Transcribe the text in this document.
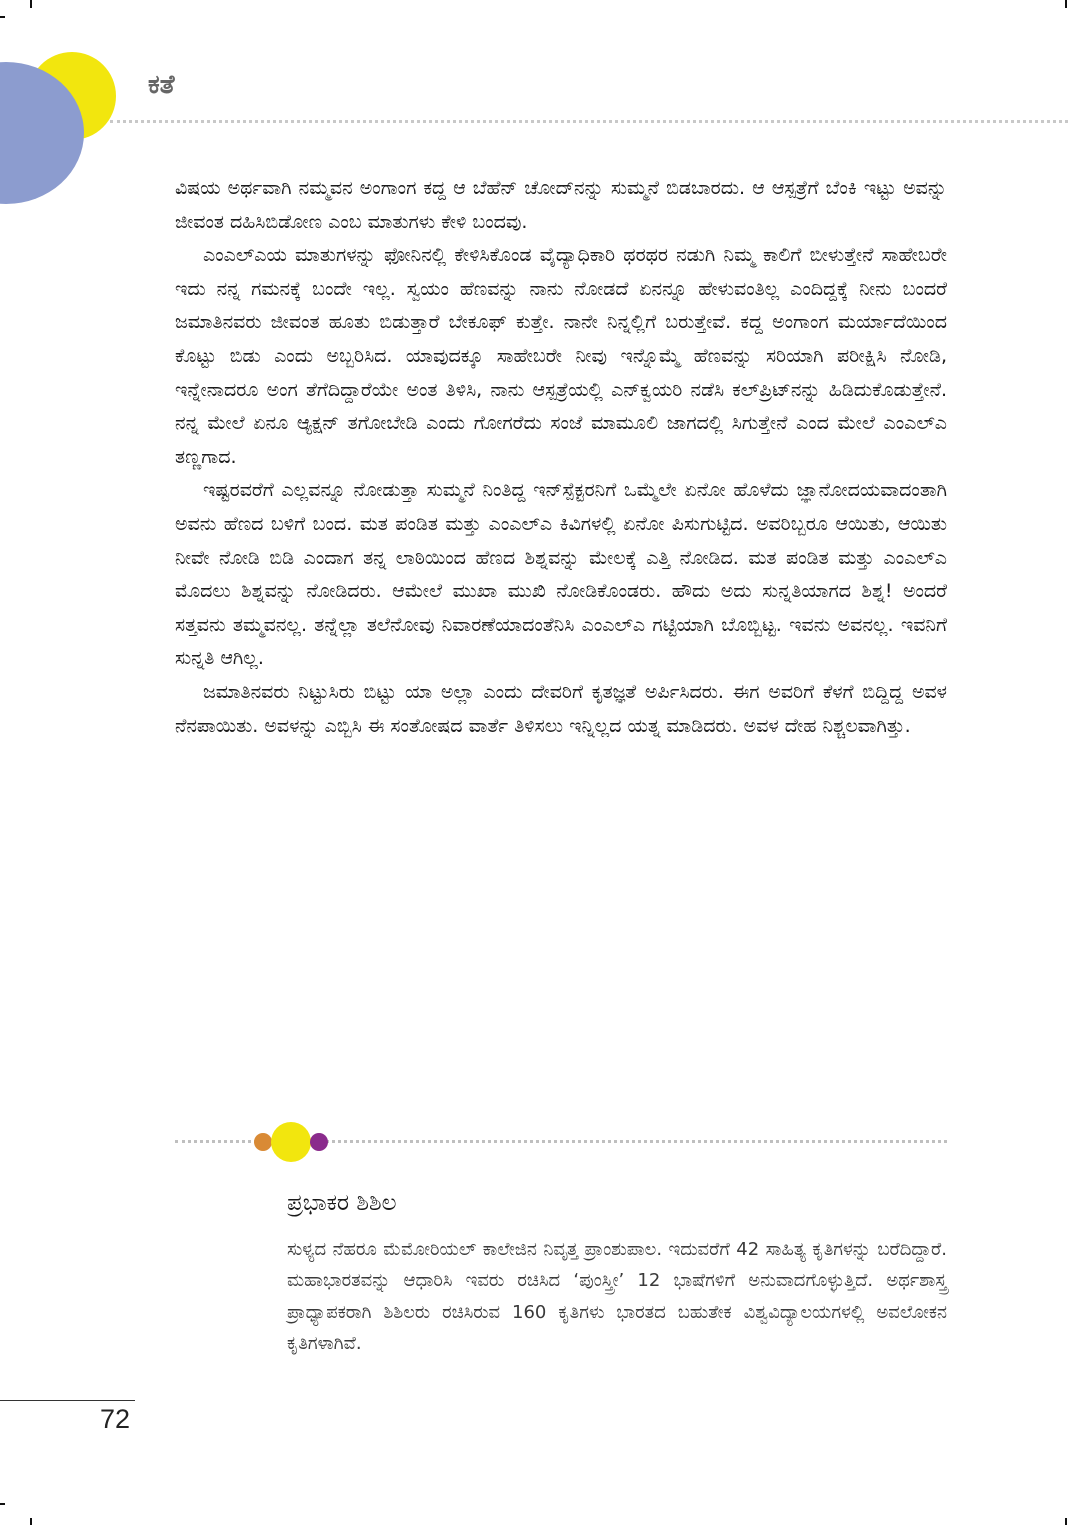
ಕತೆ

ವಿಷಯ ಅರ್ಥವಾಗಿ ನಮ್ಮವನ ಅಂಗಾಂಗ ಕದ್ದ ಆ ಬೆಹೆನ್ ಚೋದ್‌ನನ್ನು ಸುಮ್ಮನೆ ಬಿಡಬಾರದು. ಆ ಆಸ್ಪತ್ರೆಗೆ ಬೆಂಕಿ ಇಟ್ಟು ಅವನ್ನು ಜೀವಂತ ದಹಿಸಿಬಿಡೋಣ ಎಂಬ ಮಾತುಗಳು ಕೇಳಿ ಬಂದವು.

ಎಂಎಲ್‌ಎಯ ಮಾತುಗಳನ್ನು ಫೋನಿನಲ್ಲಿ ಕೇಳಿಸಿಕೊಂಡ ವೈದ್ಯಾಧಿಕಾರಿ ಥರಥರ ನಡುಗಿ ನಿಮ್ಮ ಕಾಲಿಗೆ ಬೀಳುತ್ತೇನೆ ಸಾಹೇಬರೇ ಇದು ನನ್ನ ಗಮನಕ್ಕೆ ಬಂದೇ ಇಲ್ಲ. ಸ್ವಯಂ ಹೆಣವನ್ನು ನಾನು ನೋಡದೆ ಏನನ್ನೂ ಹೇಳುವಂತಿಲ್ಲ ಎಂದಿದ್ದಕ್ಕೆ ನೀನು ಬಂದರೆ ಜಮಾತಿನವರು ಜೀವಂತ ಹೂತು ಬಿಡುತ್ತಾರೆ ಬೇಕೂಫ್ ಕುತ್ತೇ. ನಾನೇ ನಿನ್ನಲ್ಲಿಗೆ ಬರುತ್ತೇವೆ. ಕದ್ದ ಅಂಗಾಂಗ ಮರ್ಯಾದೆಯಿಂದ ಕೊಟ್ಟು ಬಿಡು ಎಂದು ಅಬ್ಬರಿಸಿದ. ಯಾವುದಕ್ಕೂ ಸಾಹೇಬರೇ ನೀವು ಇನ್ನೊಮ್ಮೆ ಹೆಣವನ್ನು ಸರಿಯಾಗಿ ಪರೀಕ್ಷಿಸಿ ನೋಡಿ, ಇನ್ನೇನಾದರೂ ಅಂಗ ತೆಗೆದಿದ್ದಾರೆಯೇ ಅಂತ ತಿಳಿಸಿ, ನಾನು ಆಸ್ಪತ್ರೆಯಲ್ಲಿ ಎನ್‌ಕ್ವಯರಿ ನಡೆಸಿ ಕಲ್‌ಪ್ರಿಟ್‌ನನ್ನು ಹಿಡಿದುಕೊಡುತ್ತೇನೆ. ನನ್ನ ಮೇಲೆ ಏನೂ ಆ್ಯಕ್ಷನ್ ತಗೋಬೇಡಿ ಎಂದು ಗೋಗರೆದು ಸಂಜೆ ಮಾಮೂಲಿ ಜಾಗದಲ್ಲಿ ಸಿಗುತ್ತೇನೆ ಎಂದ ಮೇಲೆ ಎಂಎಲ್‌ಎ ತಣ್ಣಗಾದ.

ಇಷ್ಟರವರೆಗೆ ಎಲ್ಲವನ್ನೂ ನೋಡುತ್ತಾ ಸುಮ್ಮನೆ ನಿಂತಿದ್ದ ಇನ್‌ಸ್ಪೆಕ್ಟರನಿಗೆ ಒಮ್ಮೆಲೇ ಏನೋ ಹೊಳೆದು ಜ್ಞಾನೋದಯವಾದಂತಾಗಿ ಅವನು ಹೆಣದ ಬಳಿಗೆ ಬಂದ. ಮತ ಪಂಡಿತ ಮತ್ತು ಎಂಎಲ್‌ಎ ಕಿವಿಗಳಲ್ಲಿ ಏನೋ ಪಿಸುಗುಟ್ಟಿದ. ಅವರಿಬ್ಬರೂ ಆಯಿತು, ಆಯಿತು ನೀವೇ ನೋಡಿ ಬಿಡಿ ಎಂದಾಗ ತನ್ನ ಲಾಠಿಯಿಂದ ಹೆಣದ ಶಿಶ್ನವನ್ನು ಮೇಲಕ್ಕೆ ಎತ್ತಿ ನೋಡಿದ. ಮತ ಪಂಡಿತ ಮತ್ತು ಎಂಎಲ್‌ಎ ಮೊದಲು ಶಿಶ್ನವನ್ನು ನೋಡಿದರು. ಆಮೇಲೆ ಮುಖಾ ಮುಖಿ ನೋಡಿಕೊಂಡರು. ಹೌದು ಅದು ಸುನ್ನತಿಯಾಗದ ಶಿಶ್ನ! ಅಂದರೆ ಸತ್ತವನು ತಮ್ಮವನಲ್ಲ. ತನ್ನೆಲ್ಲಾ ತಲೆನೋವು ನಿವಾರಣೆಯಾದಂತೆನಿಸಿ ಎಂಎಲ್‌ಎ ಗಟ್ಟಿಯಾಗಿ ಬೊಬ್ಬಿಟ್ಟ. ಇವನು ಅವನಲ್ಲ. ಇವನಿಗೆ ಸುನ್ನತಿ ಆಗಿಲ್ಲ.

ಜಮಾತಿನವರು ನಿಟ್ಟುಸಿರು ಬಿಟ್ಟು ಯಾ ಅಲ್ಲಾ ಎಂದು ದೇವರಿಗೆ ಕೃತಜ್ಞತೆ ಅರ್ಪಿಸಿದರು. ಈಗ ಅವರಿಗೆ ಕೆಳಗೆ ಬಿದ್ದಿದ್ದ ಅವಳ ನೆನಪಾಯಿತು. ಅವಳನ್ನು ಎಬ್ಬಿಸಿ ಈ ಸಂತೋಷದ ವಾರ್ತೆ ತಿಳಿಸಲು ಇನ್ನಿಲ್ಲದ ಯತ್ನ ಮಾಡಿದರು. ಅವಳ ದೇಹ ನಿಶ್ಚಲವಾಗಿತ್ತು.

ಪ್ರಭಾಕರ ಶಿಶಿಲ

ಸುಳ್ಯದ ನೆಹರೂ ಮೆಮೋರಿಯಲ್ ಕಾಲೇಜಿನ ನಿವೃತ್ತ ಪ್ರಾಂಶುಪಾಲ. ಇದುವರೆಗೆ 42 ಸಾಹಿತ್ಯ ಕೃತಿಗಳನ್ನು ಬರೆದಿದ್ದಾರೆ. ಮಹಾಭಾರತವನ್ನು ಆಧಾರಿಸಿ ಇವರು ರಚಿಸಿದ ‘ಪುಂಸ್ತ್ರೀ’ 12 ಭಾಷೆಗಳಿಗೆ ಅನುವಾದಗೊಳ್ಳುತ್ತಿದೆ. ಅರ್ಥಶಾಸ್ತ್ರ ಪ್ರಾಧ್ಯಾಪಕರಾಗಿ ಶಿಶಿಲರು ರಚಿಸಿರುವ 160 ಕೃತಿಗಳು ಭಾರತದ ಬಹುತೇಕ ವಿಶ್ವವಿದ್ಯಾಲಯಗಳಲ್ಲಿ ಅವಲೋಕನ ಕೃತಿಗಳಾಗಿವೆ.

72
